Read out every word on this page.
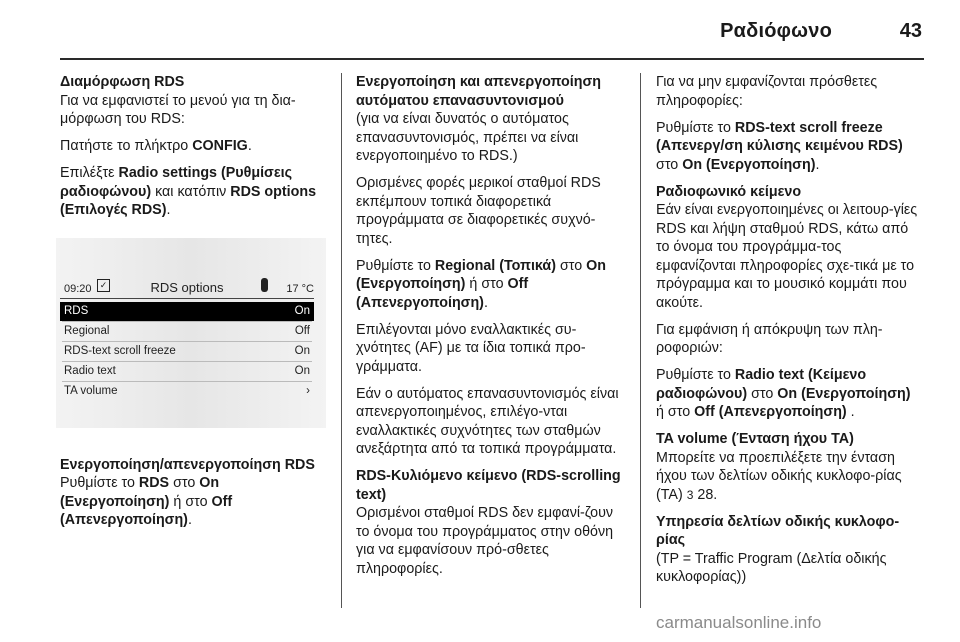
Ραδιόφωνο	43
Διαμόρφωση RDS
Για να εμφανιστεί το μενού για τη δια-μόρφωση του RDS:
Πατήστε το πλήκτρο CONFIG.
Επιλέξτε Radio settings (Ρυθμίσεις ραδιοφώνου) και κατόπιν RDS options (Επιλογές RDS).
09:20 ✓	RDS options	17 °C
RDS	On
Regional	Off
RDS-text scroll freeze	On
Radio text	On
TA volume	›
Ενεργοποίηση/απενεργοποίηση RDS
Ρυθμίστε το RDS στο On (Ενεργοποίηση) ή στο Off (Απενεργοποίηση).
Ενεργοποίηση και απενεργοποίηση αυτόματου επανασυντονισμού
(για να είναι δυνατός ο αυτόματος επανασυντονισμός, πρέπει να είναι ενεργοποιημένο το RDS.)
Ορισμένες φορές μερικοί σταθμοί RDS εκπέμπουν τοπικά διαφορετικά προγράμματα σε διαφορετικές συχνό-τητες.
Ρυθμίστε το Regional (Τοπικά) στο On (Ενεργοποίηση) ή στο Off (Απενεργοποίηση).
Επιλέγονται μόνο εναλλακτικές συ-χνότητες (AF) με τα ίδια τοπικά προ-γράμματα.
Εάν ο αυτόματος επανασυντονισμός είναι απενεργοποιημένος, επιλέγο-νται εναλλακτικές συχνότητες των σταθμών ανεξάρτητα από τα τοπικά προγράμματα.
RDS-Κυλιόμενο κείμενο (RDS-scrolling text)
Ορισμένοι σταθμοί RDS δεν εμφανί-ζουν το όνομα του προγράμματος στην οθόνη για να εμφανίσουν πρό-σθετες πληροφορίες.
Για να μην εμφανίζονται πρόσθετες πληροφορίες:
Ρυθμίστε το RDS-text scroll freeze (Απενεργ/ση κύλισης κειμένου RDS) στο On (Ενεργοποίηση).
Ραδιοφωνικό κείμενο
Εάν είναι ενεργοποιημένες οι λειτουρ-γίες RDS και λήψη σταθμού RDS, κάτω από το όνομα του προγράμμα-τος εμφανίζονται πληροφορίες σχε-τικά με το πρόγραμμα και το μουσικό κομμάτι που ακούτε.
Για εμφάνιση ή απόκρυψη των πλη-ροφοριών:
Ρυθμίστε το Radio text (Κείμενο ραδιοφώνου) στο On (Ενεργοποίηση) ή στο Off (Απενεργοποίηση) .
TA volume (Ένταση ήχου TA)
Μπορείτε να προεπιλέξετε την ένταση ήχου των δελτίων οδικής κυκλοφο-ρίας (TA) 3 28.
Υπηρεσία δελτίων οδικής κυκλοφο-ρίας
(TP = Traffic Program (Δελτία οδικής κυκλοφορίας))
carmanualsonline.info
